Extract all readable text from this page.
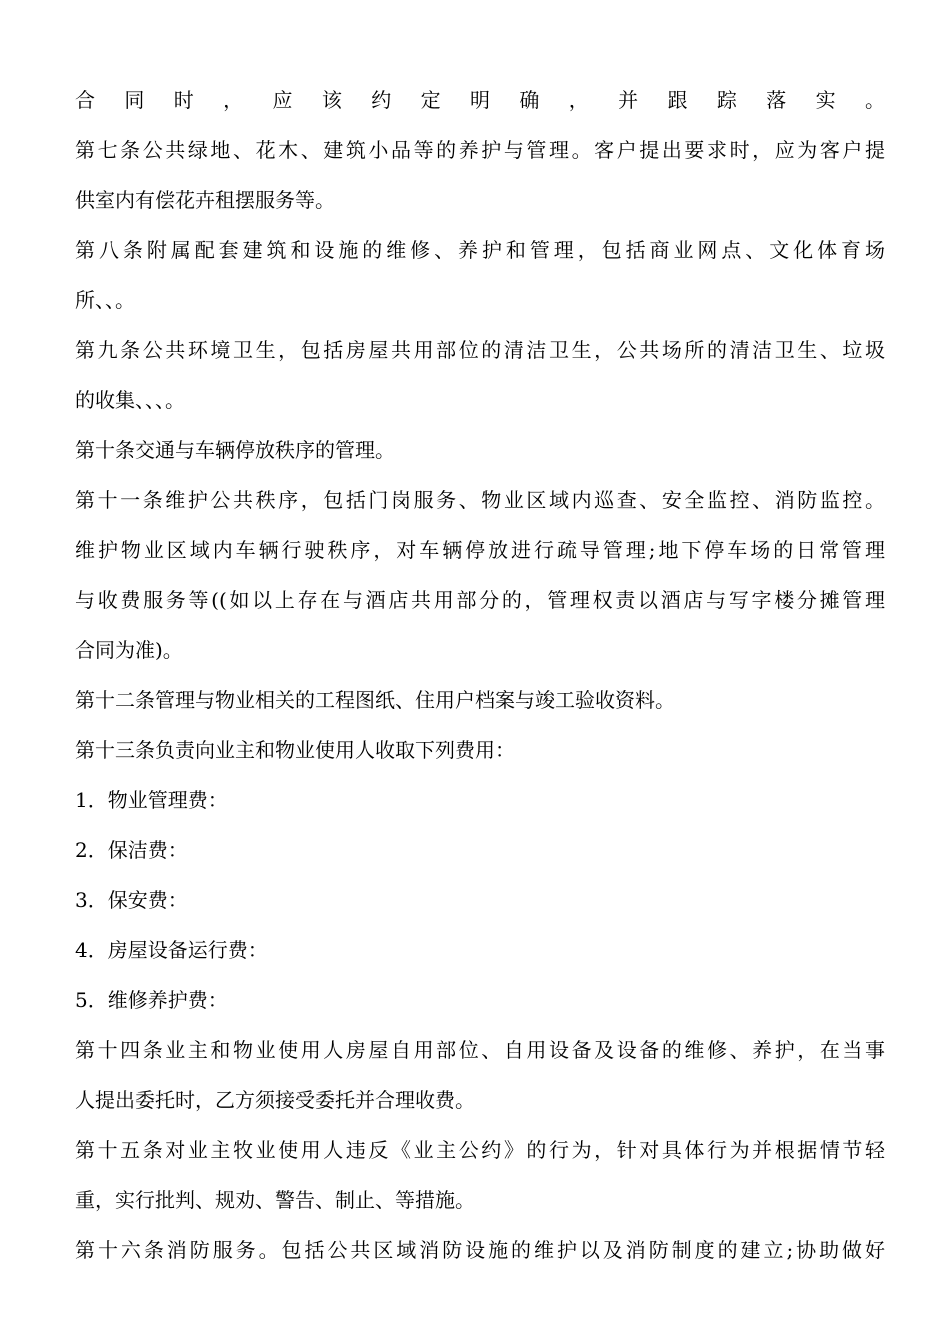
合同时，应该约定明确，并跟踪落实。
第七条公共绿地、花木、建筑小品等的养护与管理。客户提出要求时，应为客户提
供室内有偿花卉租摆服务等。
第八条附属配套建筑和设施的维修、养护和管理，包括商业网点、文化体育场
所、、。
第九条公共环境卫生，包括房屋共用部位的清洁卫生，公共场所的清洁卫生、垃圾
的收集、、、。
第十条交通与车辆停放秩序的管理。
第十一条维护公共秩序，包括门岗服务、物业区域内巡查、安全监控、消防监控。
维护物业区域内车辆行驶秩序，对车辆停放进行疏导管理;地下停车场的日常管理
与收费服务等((如以上存在与酒店共用部分的，管理权责以酒店与写字楼分摊管理
合同为准)。
第十二条管理与物业相关的工程图纸、住用户档案与竣工验收资料。
第十三条负责向业主和物业使用人收取下列费用：
1．物业管理费：
2．保洁费：
3．保安费：
4．房屋设备运行费：
5．维修养护费：
第十四条业主和物业使用人房屋自用部位、自用设备及设备的维修、养护，在当事
人提出委托时，乙方须接受委托并合理收费。
第十五条对业主牧业使用人违反《业主公约》的行为，针对具体行为并根据情节轻
重，实行批判、规劝、警告、制止、等措施。
第十六条消防服务。包括公共区域消防设施的维护以及消防制度的建立;协助做好
